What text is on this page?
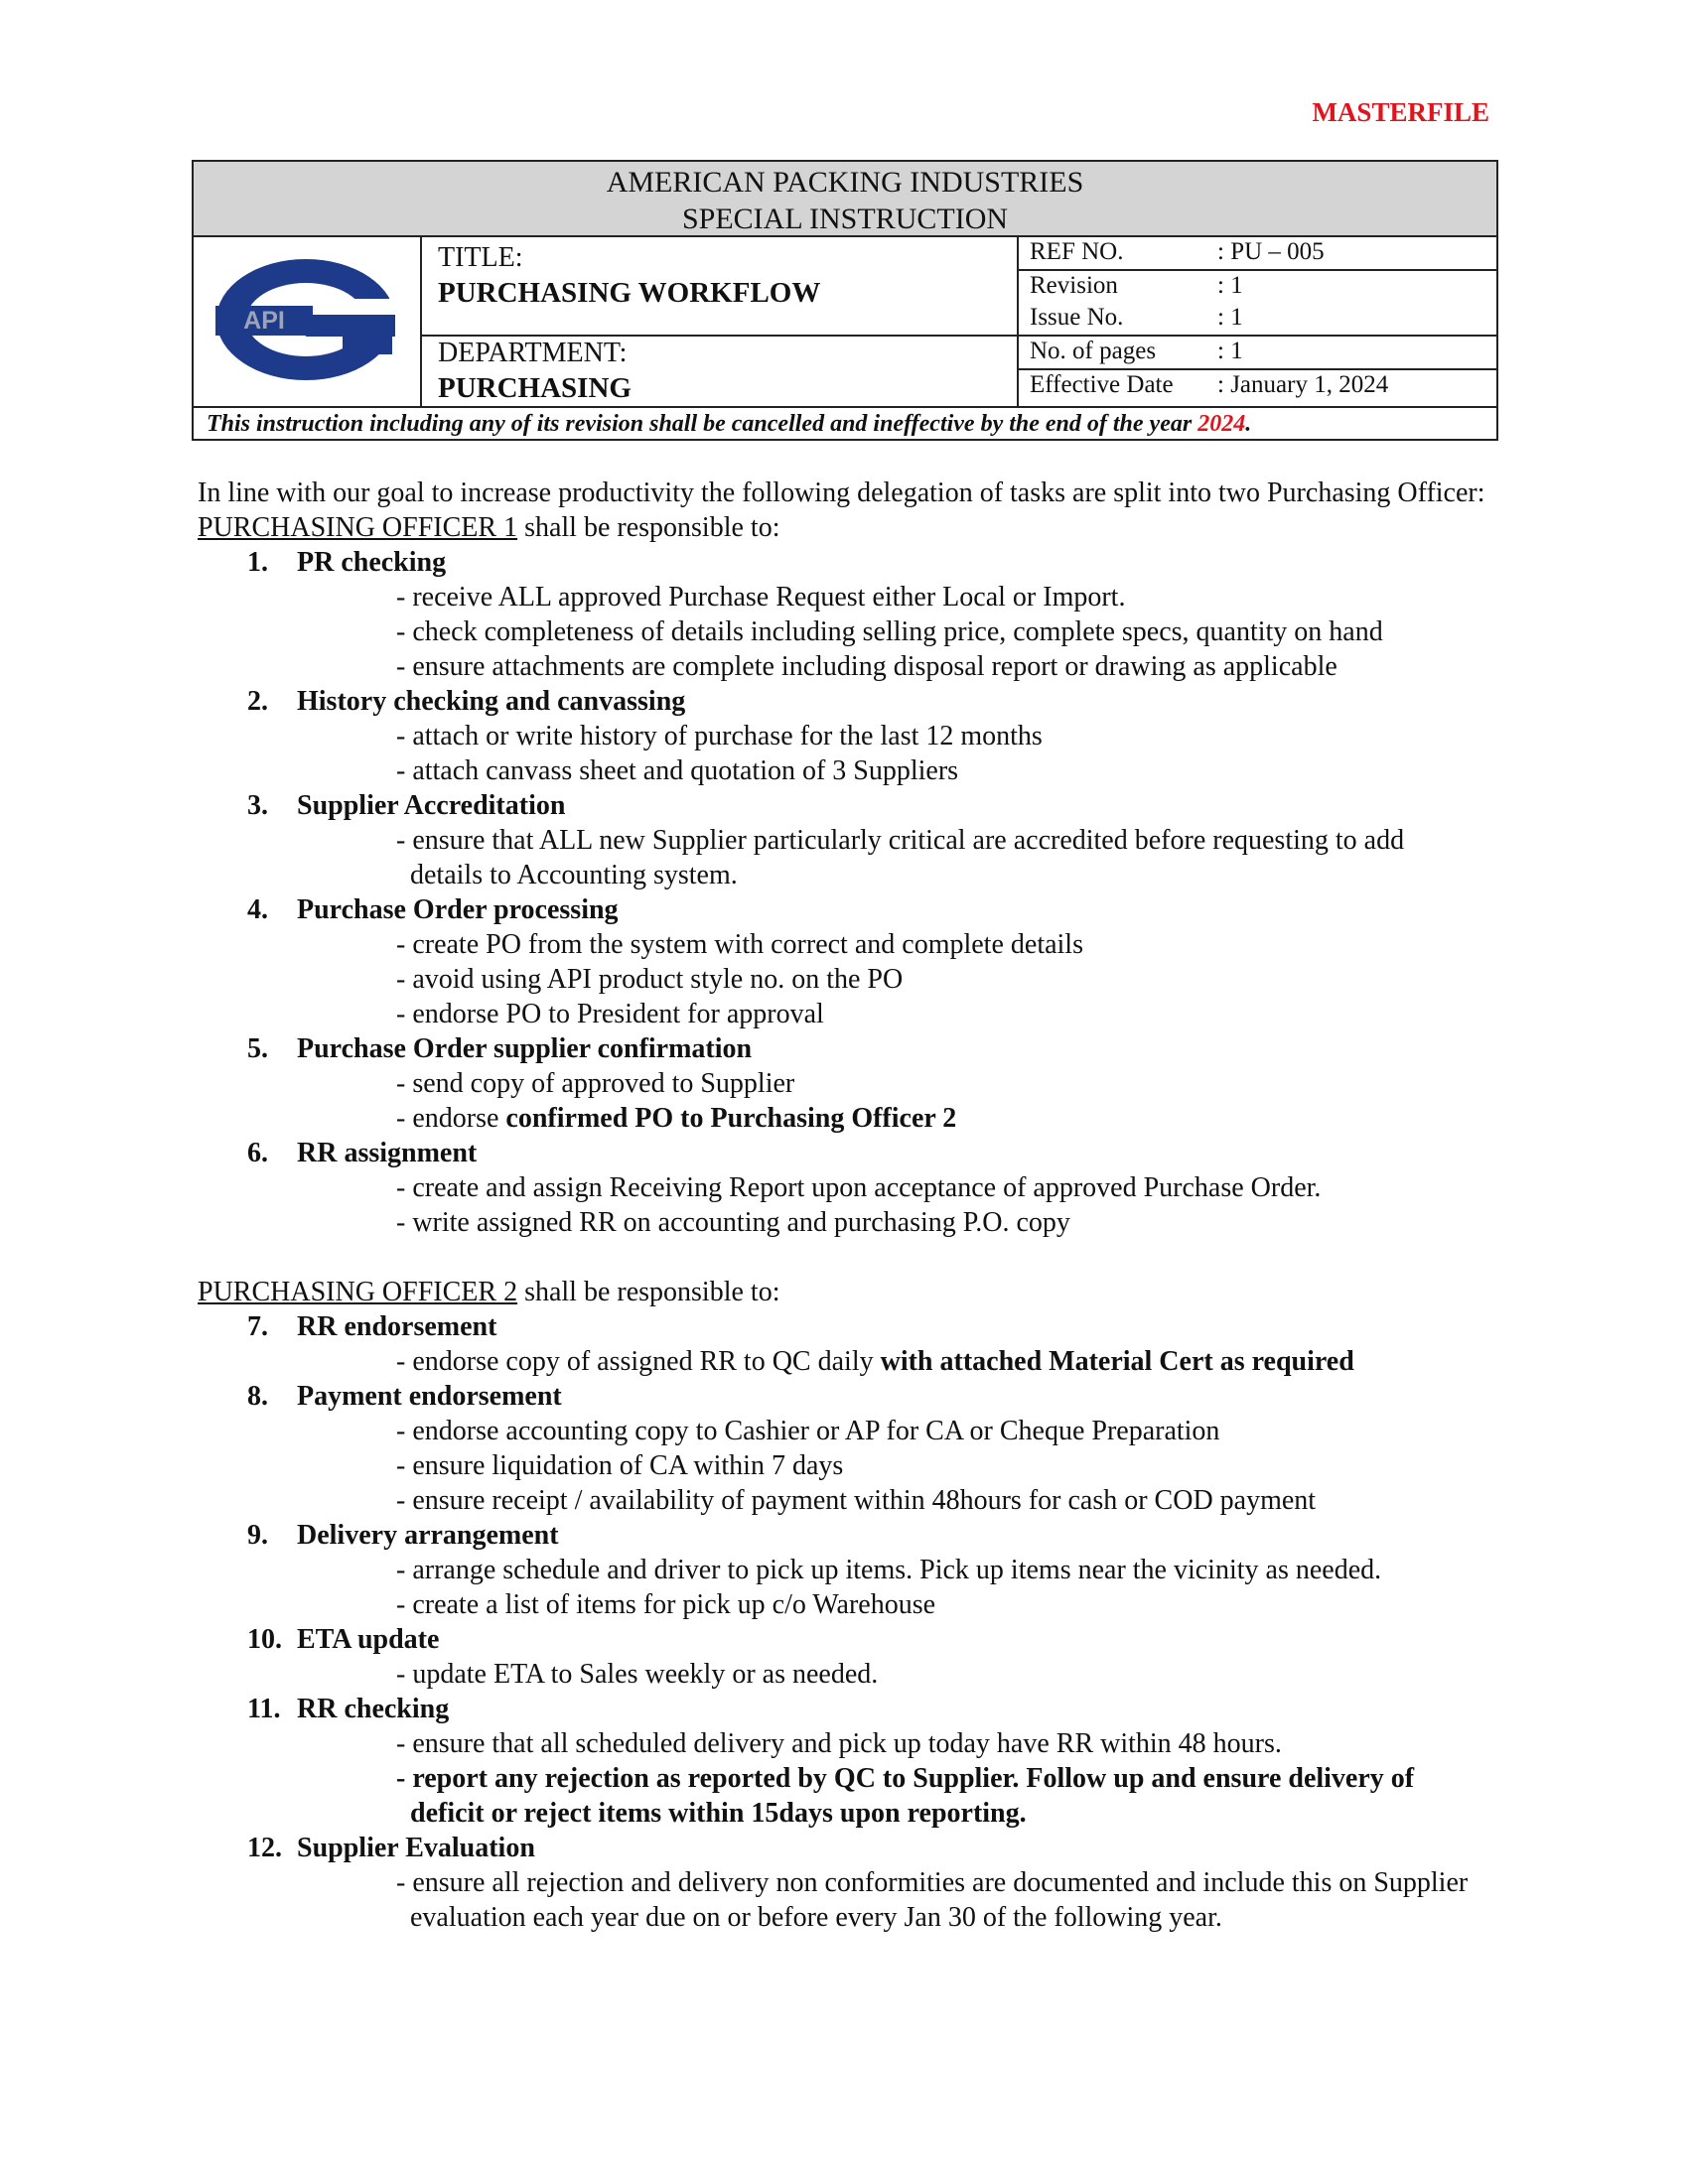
MASTERFILE
AMERICAN PACKING INDUSTRIES
SPECIAL INSTRUCTION
API
TITLE:
PURCHASING WORKFLOW
DEPARTMENT:
PURCHASING
REF NO.	: PU – 005
Revision	: 1
Issue No.	: 1
No. of pages : 1
Effective Date : January 1, 2024
This instruction including any of its revision shall be cancelled and ineffective by the end of the year 2024.

In line with our goal to increase productivity the following delegation of tasks are split into two Purchasing Officer:

PURCHASING OFFICER 1 shall be responsible to:

1.	PR checking
- receive ALL approved Purchase Request either Local or Import.
- check completeness of details including selling price, complete specs, quantity on hand
- ensure attachments are complete including disposal report or drawing as applicable
2.	History checking and canvassing
- attach or write history of purchase for the last 12 months
- attach canvass sheet and quotation of 3 Suppliers
3.	Supplier Accreditation
- ensure that ALL new Supplier particularly critical are accredited before requesting to add details to Accounting system.
4.	Purchase Order processing
- create PO from the system with correct and complete details
- avoid using API product style no. on the PO
- endorse PO to President for approval
5.	Purchase Order supplier confirmation
- send copy of approved to Supplier
- endorse confirmed PO to Purchasing Officer 2
6.	RR assignment
- create and assign Receiving Report upon acceptance of approved Purchase Order.
- write assigned RR on accounting and purchasing P.O. copy

PURCHASING OFFICER 2 shall be responsible to:

7.	RR endorsement
- endorse copy of assigned RR to QC daily with attached Material Cert as required
8.	Payment endorsement
- endorse accounting copy to Cashier or AP for CA or Cheque Preparation
- ensure liquidation of CA within 7 days
- ensure receipt / availability of payment within 48hours for cash or COD payment
9.	Delivery arrangement
- arrange schedule and driver to pick up items. Pick up items near the vicinity as needed.
- create a list of items for pick up c/o Warehouse
10. ETA update
- update ETA to Sales weekly or as needed.
11. RR checking
- ensure that all scheduled delivery and pick up today have RR within 48 hours.
- report any rejection as reported by QC to Supplier. Follow up and ensure delivery of deficit or reject items within 15days upon reporting.
12. Supplier Evaluation
- ensure all rejection and delivery non conformities are documented and include this on Supplier evaluation each year due on or before every Jan 30 of the following year.
